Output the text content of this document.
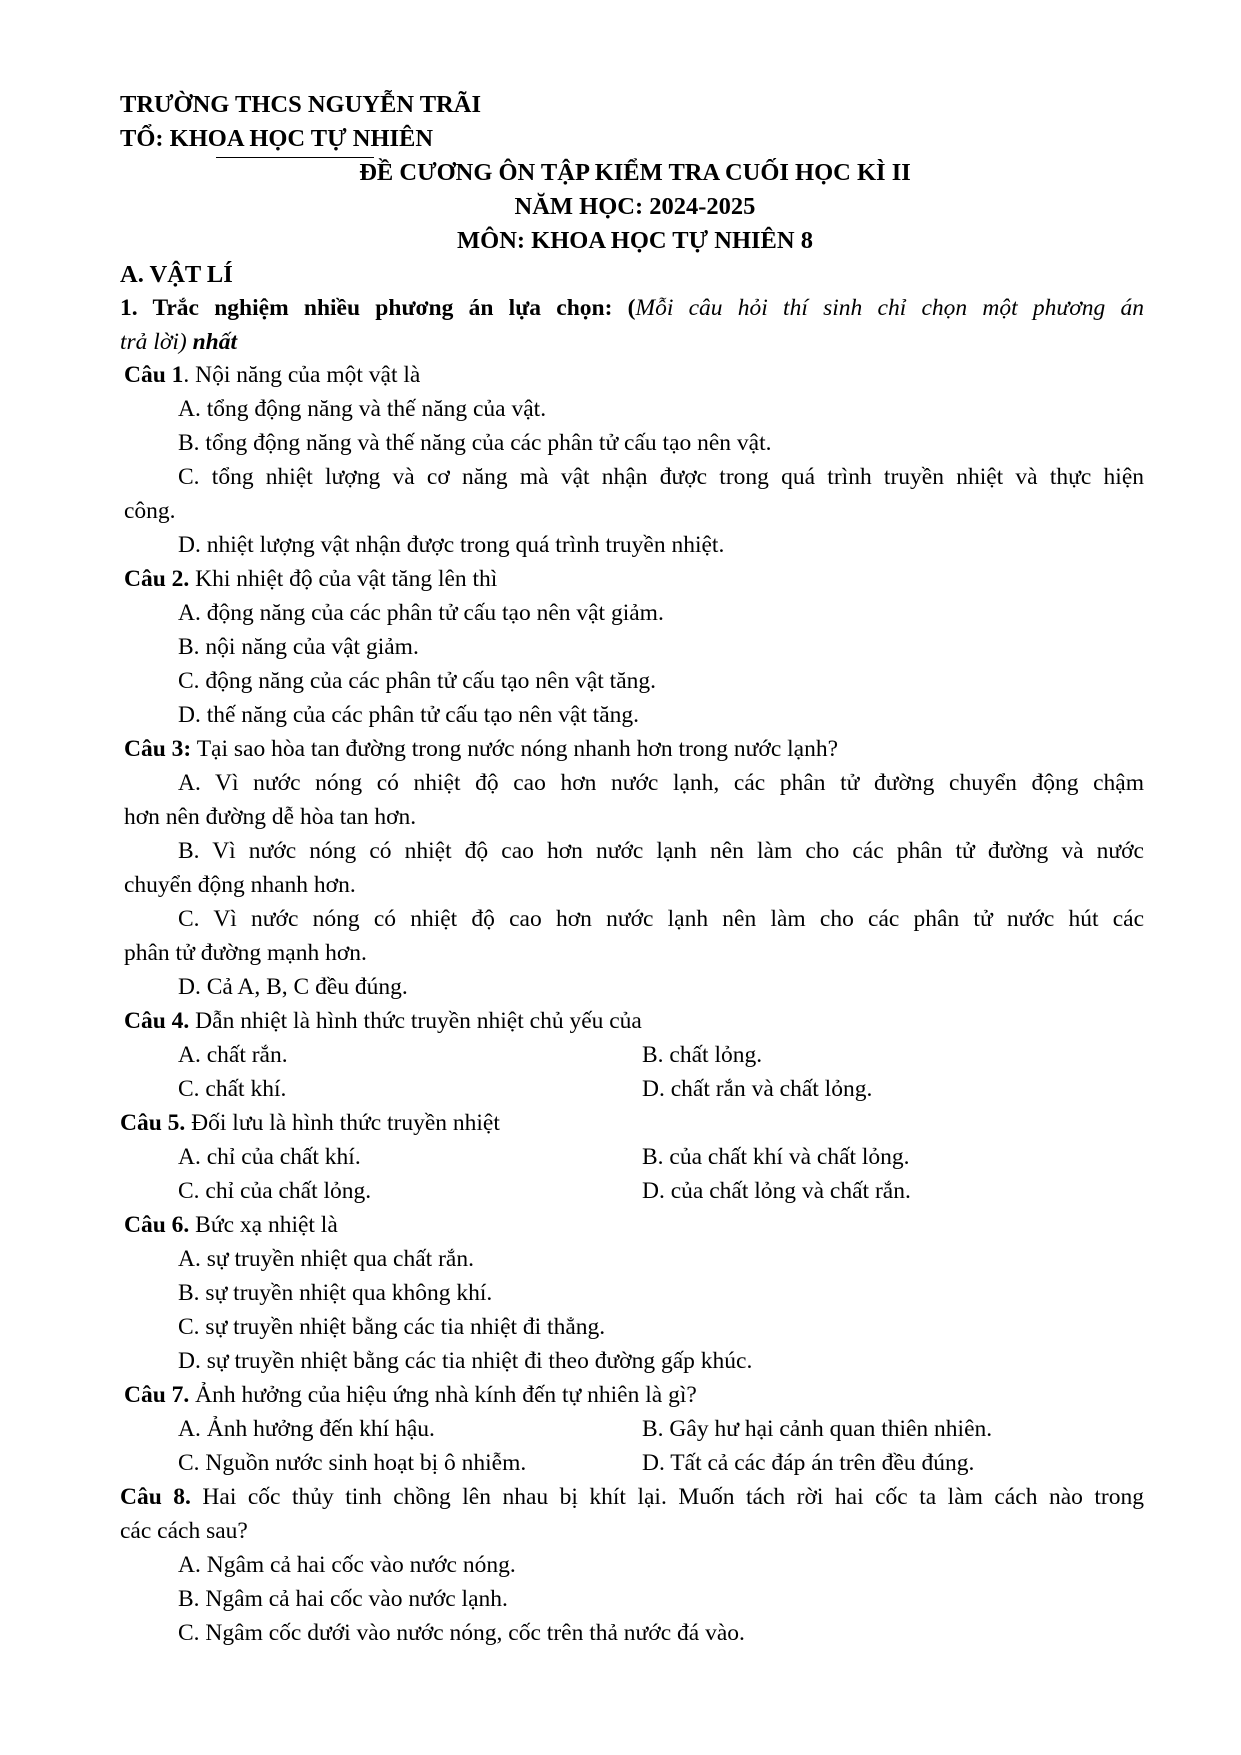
TRƯỜNG THCS NGUYỄN TRÃI
TỔ: KHOA HỌC TỰ NHIÊN
ĐỀ CƯƠNG ÔN TẬP KIỂM TRA CUỐI HỌC KÌ II
NĂM HỌC: 2024-2025
MÔN: KHOA HỌC TỰ NHIÊN 8
A. VẬT LÍ
1. Trắc nghiệm nhiều phương án lựa chọn: (Mỗi câu hỏi thí sinh chỉ chọn một phương án
trả lời) nhất
Câu 1. Nội năng của một vật là
A. tổng động năng và thế năng của vật.
B. tổng động năng và thế năng của các phân tử cấu tạo nên vật.
C. tổng nhiệt lượng và cơ năng mà vật nhận được trong quá trình truyền nhiệt và thực hiện
công.
D. nhiệt lượng vật nhận được trong quá trình truyền nhiệt.
Câu 2. Khi nhiệt độ của vật tăng lên thì
A. động năng của các phân tử cấu tạo nên vật giảm.
B. nội năng của vật giảm.
C. động năng của các phân tử cấu tạo nên vật tăng.
D. thế năng của các phân tử cấu tạo nên vật tăng.
Câu 3: Tại sao hòa tan đường trong nước nóng nhanh hơn trong nước lạnh?
A. Vì nước nóng có nhiệt độ cao hơn nước lạnh, các phân tử đường chuyển động chậm
hơn nên đường dễ hòa tan hơn.
B. Vì nước nóng có nhiệt độ cao hơn nước lạnh nên làm cho các phân tử đường và nước
chuyển động nhanh hơn.
C. Vì nước nóng có nhiệt độ cao hơn nước lạnh nên làm cho các phân tử nước hút các
phân tử đường mạnh hơn.
D. Cả A, B, C đều đúng.
Câu 4. Dẫn nhiệt là hình thức truyền nhiệt chủ yếu của
A. chất rắn.	B. chất lỏng.
C. chất khí.	D. chất rắn và chất lỏng.
Câu 5. Đối lưu là hình thức truyền nhiệt
A. chỉ của chất khí.	B. của chất khí và chất lỏng.
C. chỉ của chất lỏng.	D. của chất lỏng và chất rắn.
Câu 6. Bức xạ nhiệt là
A. sự truyền nhiệt qua chất rắn.
B. sự truyền nhiệt qua không khí.
C. sự truyền nhiệt bằng các tia nhiệt đi thẳng.
D. sự truyền nhiệt bằng các tia nhiệt đi theo đường gấp khúc.
Câu 7. Ảnh hưởng của hiệu ứng nhà kính đến tự nhiên là gì?
A. Ảnh hưởng đến khí hậu.	B. Gây hư hại cảnh quan thiên nhiên.
C. Nguồn nước sinh hoạt bị ô nhiễm.	D. Tất cả các đáp án trên đều đúng.
Câu 8. Hai cốc thủy tinh chồng lên nhau bị khít lại. Muốn tách rời hai cốc ta làm cách nào trong
các cách sau?
A. Ngâm cả hai cốc vào nước nóng.
B. Ngâm cả hai cốc vào nước lạnh.
C. Ngâm cốc dưới vào nước nóng, cốc trên thả nước đá vào.
